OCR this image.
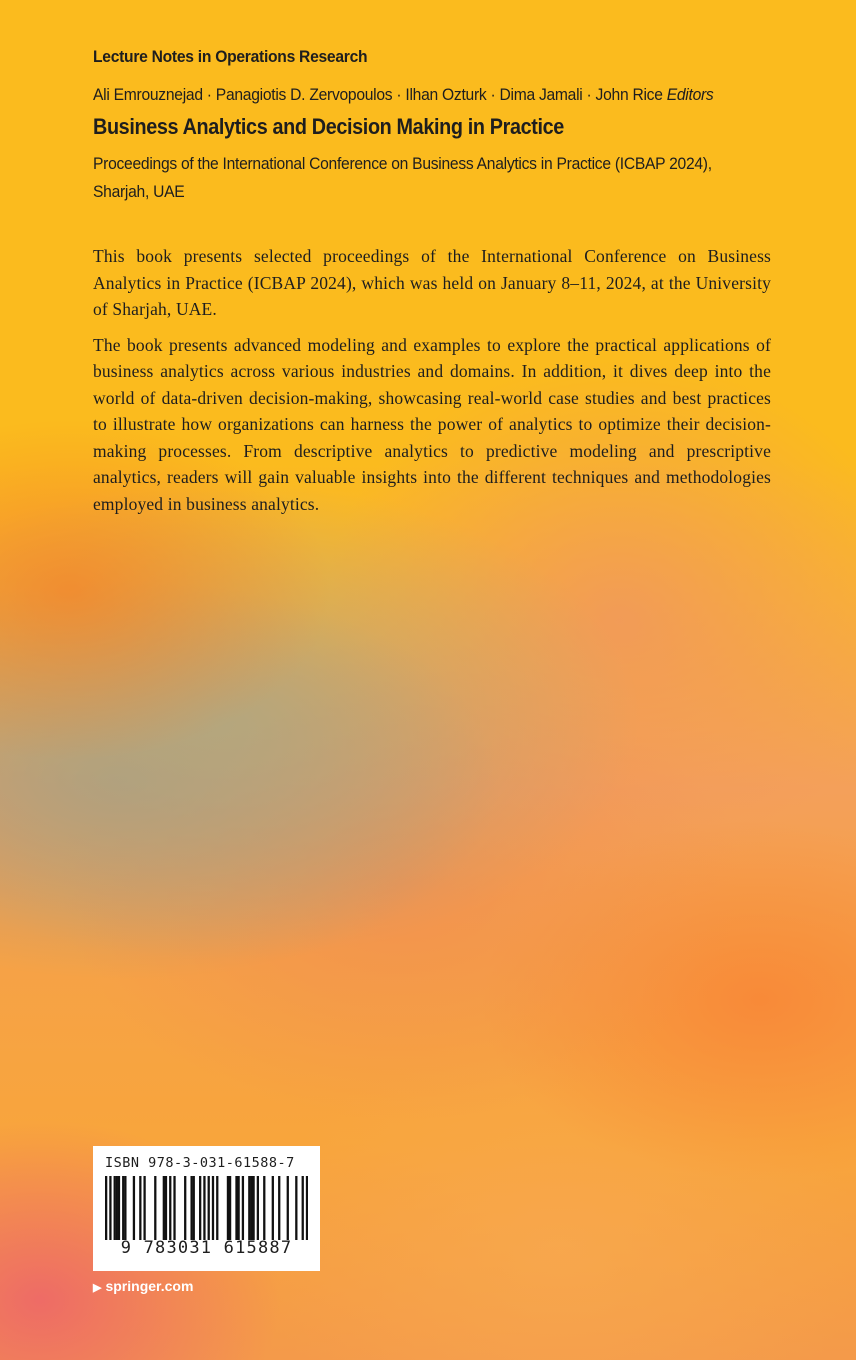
Lecture Notes in Operations Research
Ali Emrouznejad · Panagiotis D. Zervopoulos · Ilhan Ozturk · Dima Jamali · John Rice Editors
Business Analytics and Decision Making in Practice
Proceedings of the International Conference on Business Analytics in Practice (ICBAP 2024), Sharjah, UAE

This book presents selected proceedings of the International Conference on Business Analytics in Practice (ICBAP 2024), which was held on January 8–11, 2024, at the University of Sharjah, UAE.

The book presents advanced modeling and examples to explore the practical applications of business analytics across various industries and domains. In addition, it dives deep into the world of data-driven decision-making, showcasing real-world case studies and best practices to illustrate how organizations can harness the power of analytics to optimize their decision-making processes. From descriptive analytics to predictive modeling and prescriptive analytics, readers will gain valuable insights into the different techniques and methodologies employed in business analytics.

ISBN 978-3-031-61588-7
9 783031 615887
▶ springer.com
